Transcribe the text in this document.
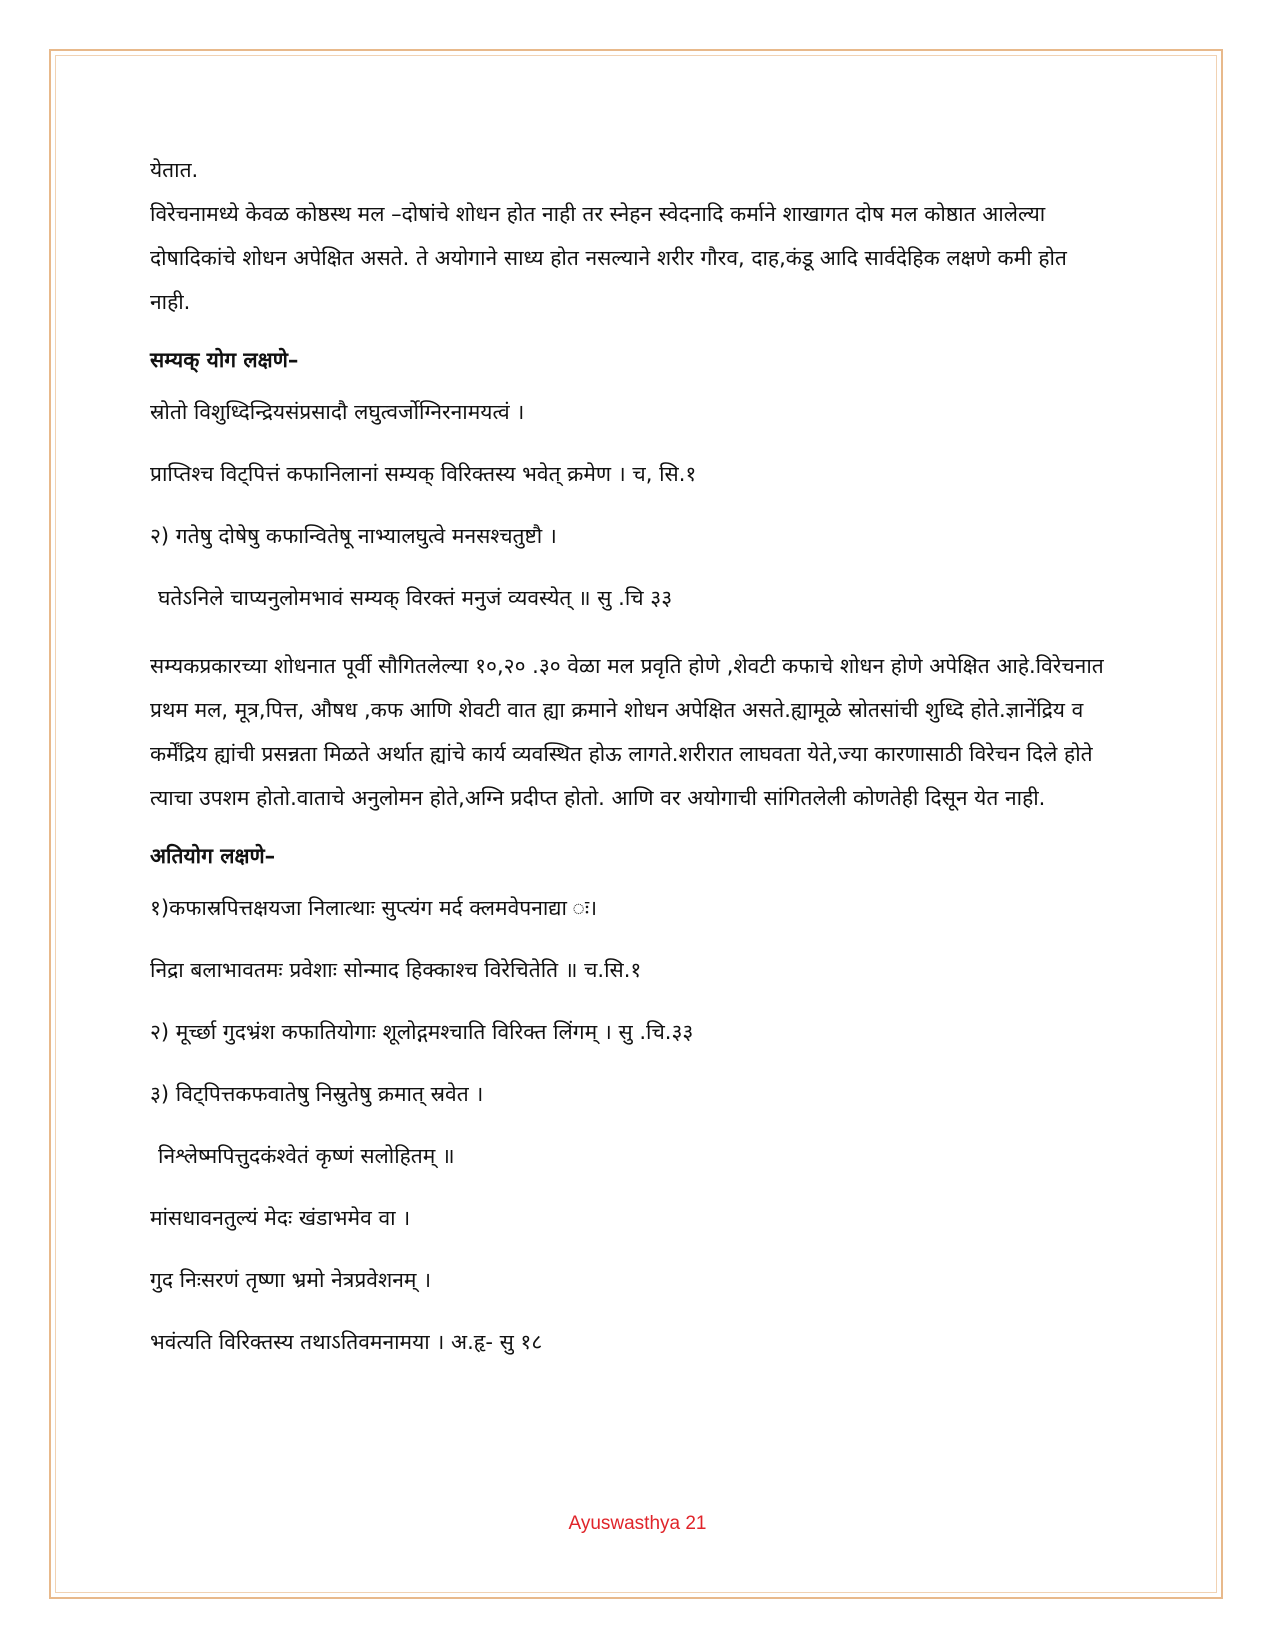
येतात.

विरेचनामध्ये केवळ कोष्ठस्थ मल –दोषांचे शोधन होत नाही तर स्नेहन स्वेदनादि कर्माने शाखागत दोष मल कोष्ठात आलेल्या दोषादिकांचे शोधन अपेक्षित असते. ते अयोगाने साध्य होत नसल्याने शरीर गौरव, दाह,कंडू आदि सार्वदेहिक लक्षणे कमी होत नाही.

सम्यक् योग लक्षणे–
स्रोतो विशुध्दिन्द्रियसंप्रसादौ लघुत्वर्जोग्निरनामयत्वं ।
प्राप्तिश्च विट्पित्तं कफानिलानां सम्यक् विरिक्तस्य भवेत् क्रमेण । च, सि.१
२) गतेषु दोषेषु कफान्वितेषू नाभ्यालघुत्वे मनसश्चतुष्टौ ।
घतेऽनिले चाप्यनुलोमभावं सम्यक् विरक्तं मनुजं व्यवस्येत् ॥ सु .चि ३३

सम्यकप्रकारच्या शोधनात पूर्वी सौगितलेल्या १०,२० .३० वेळा मल प्रवृति होणे ,शेवटी कफाचे शोधन होणे अपेक्षित आहे.विरेचनात प्रथम मल, मूत्र,पित्त, औषध ,कफ आणि शेवटी वात ह्या क्रमाने शोधन अपेक्षित असते.ह्यामूळे स्रोतसांची शुध्दि होते.ज्ञानेंद्रिय व कर्मेंद्रिय ह्यांची प्रसन्नता मिळते अर्थात ह्यांचे कार्य व्यवस्थित होऊ लागते.शरीरात लाघवता येते,ज्या कारणासाठी विरेचन दिले होते त्याचा उपशम होतो.वाताचे अनुलोमन होते,अग्नि प्रदीप्त होतो. आणि वर अयोगाची सांगितलेली कोणतेही दिसून येत नाही.

अतियोग लक्षणे–
१)कफास्रपित्तक्षयजा निलात्थाः सुप्त्यंग मर्द क्लमवेपनाद्या ः।
निद्रा बलाभावतमः प्रवेशाः सोन्माद हिक्काश्च विरेचितेति ॥ च.सि.१
२) मूर्च्छा गुदभ्रंश कफातियोगाः शूलोद्गमश्चाति विरिक्त लिंगम् । सु .चि.३३
३) विट्पित्तकफवातेषु निस्रुतेषु क्रमात् स्रवेत ।
निश्लेष्मपित्तुदकंश्वेतं कृष्णं सलोहितम् ॥
मांसधावनतुल्यं मेदः खंडाभमेव वा ।
गुद निःसरणं तृष्णा भ्रमो नेत्रप्रवेशनम् ।
भवंत्यति विरिक्तस्य तथाऽतिवमनामया । अ.हृ- सु १८
Ayuswasthya 21
